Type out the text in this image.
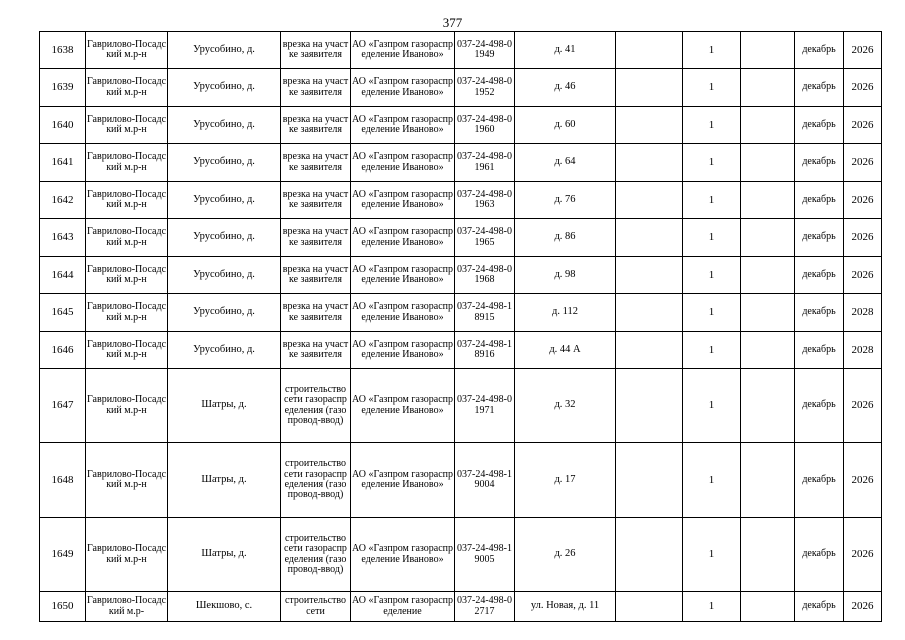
377
1638	Гаврилово-Посадский м.р-н	Урусобино, д.	врезка на участке заявителя	АО «Газпром газораспределение Иваново»	037-24-498-01949	д. 41		1		декабрь	2026
1639	Гаврилово-Посадский м.р-н	Урусобино, д.	врезка на участке заявителя	АО «Газпром газораспределение Иваново»	037-24-498-01952	д. 46		1		декабрь	2026
1640	Гаврилово-Посадский м.р-н	Урусобино, д.	врезка на участке заявителя	АО «Газпром газораспределение Иваново»	037-24-498-01960	д. 60		1		декабрь	2026
1641	Гаврилово-Посадский м.р-н	Урусобино, д.	врезка на участке заявителя	АО «Газпром газораспределение Иваново»	037-24-498-01961	д. 64		1		декабрь	2026
1642	Гаврилово-Посадский м.р-н	Урусобино, д.	врезка на участке заявителя	АО «Газпром газораспределение Иваново»	037-24-498-01963	д. 76		1		декабрь	2026
1643	Гаврилово-Посадский м.р-н	Урусобино, д.	врезка на участке заявителя	АО «Газпром газораспределение Иваново»	037-24-498-01965	д. 86		1		декабрь	2026
1644	Гаврилово-Посадский м.р-н	Урусобино, д.	врезка на участке заявителя	АО «Газпром газораспределение Иваново»	037-24-498-01968	д. 98		1		декабрь	2026
1645	Гаврилово-Посадский м.р-н	Урусобино, д.	врезка на участке заявителя	АО «Газпром газораспределение Иваново»	037-24-498-18915	д. 112		1		декабрь	2028
1646	Гаврилово-Посадский м.р-н	Урусобино, д.	врезка на участке заявителя	АО «Газпром газораспределение Иваново»	037-24-498-18916	д. 44 А		1		декабрь	2028
1647	Гаврилово-Посадский м.р-н	Шатры, д.	строительство сети газораспределения (газопровод-ввод)	АО «Газпром газораспределение Иваново»	037-24-498-01971	д. 32		1		декабрь	2026
1648	Гаврилово-Посадский м.р-н	Шатры, д.	строительство сети газораспределения (газопровод-ввод)	АО «Газпром газораспределение Иваново»	037-24-498-19004	д. 17		1		декабрь	2026
1649	Гаврилово-Посадский м.р-н	Шатры, д.	строительство сети газораспределения (газопровод-ввод)	АО «Газпром газораспределение Иваново»	037-24-498-19005	д. 26		1		декабрь	2026
1650	Гаврилово-Посадский м.р-	Шекшово, с.	строительство сети	АО «Газпром газораспределение	037-24-498-02717	ул. Новая, д. 11		1		декабрь	2026
